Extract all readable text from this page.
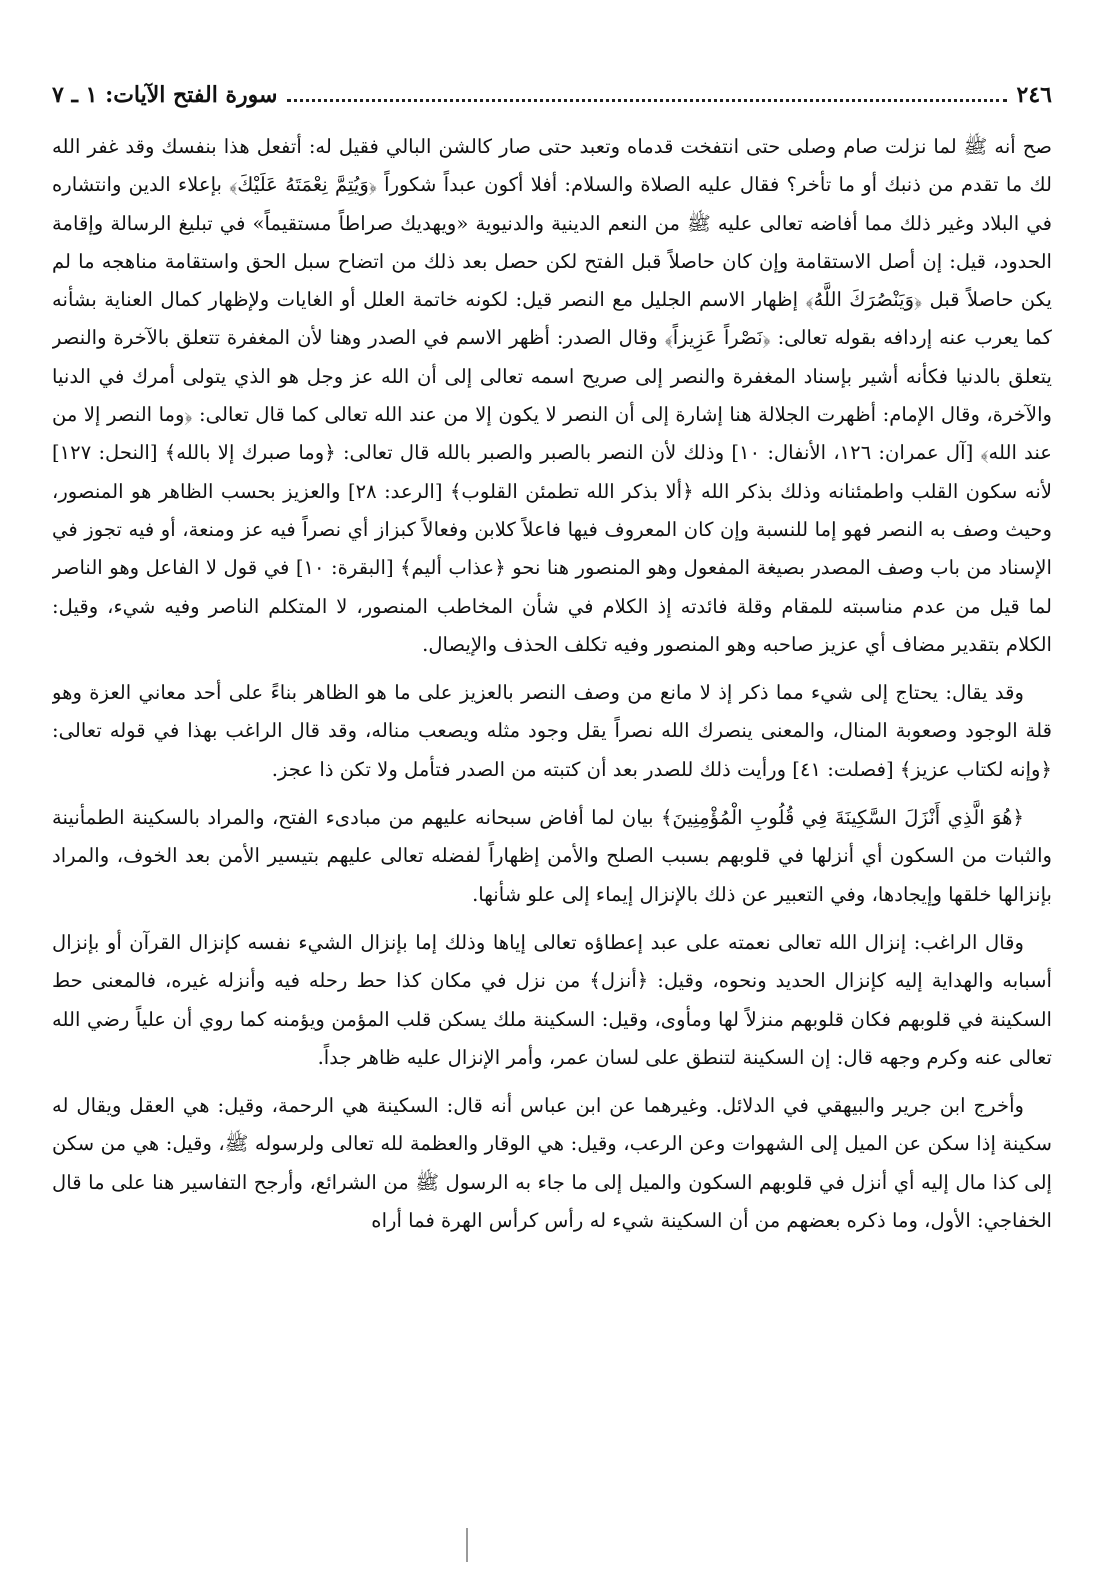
٢٤٦
سورة الفتح الآيات: ١ ـ ٧

صح أنه ﷺ لما نزلت صام وصلى حتى انتفخت قدماه وتعبد حتى صار كالشن البالي فقيل له: أتفعل هذا بنفسك وقد غفر الله لك ما تقدم من ذنبك أو ما تأخر؟ فقال عليه الصلاة والسلام: أفلا أكون عبداً شكوراً ﴿وَيُتِمَّ نِعْمَتَهُ عَلَيْكَ﴾ بإعلاء الدين وانتشاره في البلاد وغير ذلك مما أفاضه تعالى عليه ﷺ من النعم الدينية والدنيوية «ويهديك صراطاً مستقيماً» في تبليغ الرسالة وإقامة الحدود، قيل: إن أصل الاستقامة وإن كان حاصلاً قبل الفتح لكن حصل بعد ذلك من اتضاح سبل الحق واستقامة مناهجه ما لم يكن حاصلاً قبل ﴿وَيَنْصُرَكَ اللَّهُ﴾ إظهار الاسم الجليل مع النصر قيل: لكونه خاتمة العلل أو الغايات ولإظهار كمال العناية بشأنه كما يعرب عنه إردافه بقوله تعالى: ﴿نَصْراً عَزِيزاً﴾ وقال الصدر: أظهر الاسم في الصدر وهنا لأن المغفرة تتعلق بالآخرة والنصر يتعلق بالدنيا فكأنه أشير بإسناد المغفرة والنصر إلى صريح اسمه تعالى إلى أن الله عز وجل هو الذي يتولى أمرك في الدنيا والآخرة، وقال الإمام: أظهرت الجلالة هنا إشارة إلى أن النصر لا يكون إلا من عند الله تعالى كما قال تعالى: ﴿وما النصر إلا من عند الله﴾ [آل عمران: ١٢٦، الأنفال: ١٠] وذلك لأن النصر بالصبر والصبر بالله قال تعالى: ﴿وما صبرك إلا بالله﴾ [النحل: ١٢٧] لأنه سكون القلب واطمئنانه وذلك بذكر الله ﴿ألا بذكر الله تطمئن القلوب﴾ [الرعد: ٢٨] والعزيز بحسب الظاهر هو المنصور، وحيث وصف به النصر فهو إما للنسبة وإن كان المعروف فيها فاعلاً كلابن وفعالاً كبزاز أي نصراً فيه عز ومنعة، أو فيه تجوز في الإسناد من باب وصف المصدر بصيغة المفعول وهو المنصور هنا نحو ﴿عذاب أليم﴾ [البقرة: ١٠] في قول لا الفاعل وهو الناصر لما قيل من عدم مناسبته للمقام وقلة فائدته إذ الكلام في شأن المخاطب المنصور، لا المتكلم الناصر وفيه شيء، وقيل: الكلام بتقدير مضاف أي عزيز صاحبه وهو المنصور وفيه تكلف الحذف والإيصال.

وقد يقال: يحتاج إلى شيء مما ذكر إذ لا مانع من وصف النصر بالعزيز على ما هو الظاهر بناءً على أحد معاني العزة وهو قلة الوجود وصعوبة المنال، والمعنى ينصرك الله نصراً يقل وجود مثله ويصعب مناله، وقد قال الراغب بهذا في قوله تعالى: ﴿وإنه لكتاب عزيز﴾ [فصلت: ٤١] ورأيت ذلك للصدر بعد أن كتبته من الصدر فتأمل ولا تكن ذا عجز.

﴿هُوَ الَّذِي أَنْزَلَ السَّكِينَةَ فِي قُلُوبِ الْمُؤْمِنِينَ﴾ بيان لما أفاض سبحانه عليهم من مبادىء الفتح، والمراد بالسكينة الطمأنينة والثبات من السكون أي أنزلها في قلوبهم بسبب الصلح والأمن إظهاراً لفضله تعالى عليهم بتيسير الأمن بعد الخوف، والمراد بإنزالها خلقها وإيجادها، وفي التعبير عن ذلك بالإنزال إيماء إلى علو شأنها.

وقال الراغب: إنزال الله تعالى نعمته على عبد إعطاؤه تعالى إياها وذلك إما بإنزال الشيء نفسه كإنزال القرآن أو بإنزال أسبابه والهداية إليه كإنزال الحديد ونحوه، وقيل: ﴿أنزل﴾ من نزل في مكان كذا حط رحله فيه وأنزله غيره، فالمعنى حط السكينة في قلوبهم فكان قلوبهم منزلاً لها ومأوى، وقيل: السكينة ملك يسكن قلب المؤمن ويؤمنه كما روي أن علياً رضي الله تعالى عنه وكرم وجهه قال: إن السكينة لتنطق على لسان عمر، وأمر الإنزال عليه ظاهر جداً.

وأخرج ابن جرير والبيهقي في الدلائل. وغيرهما عن ابن عباس أنه قال: السكينة هي الرحمة، وقيل: هي العقل ويقال له سكينة إذا سكن عن الميل إلى الشهوات وعن الرعب، وقيل: هي الوقار والعظمة لله تعالى ولرسوله ﷺ، وقيل: هي من سكن إلى كذا مال إليه أي أنزل في قلوبهم السكون والميل إلى ما جاء به الرسول ﷺ من الشرائع، وأرجح التفاسير هنا على ما قال الخفاجي: الأول، وما ذكره بعضهم من أن السكينة شيء له رأس كرأس الهرة فما أراه
